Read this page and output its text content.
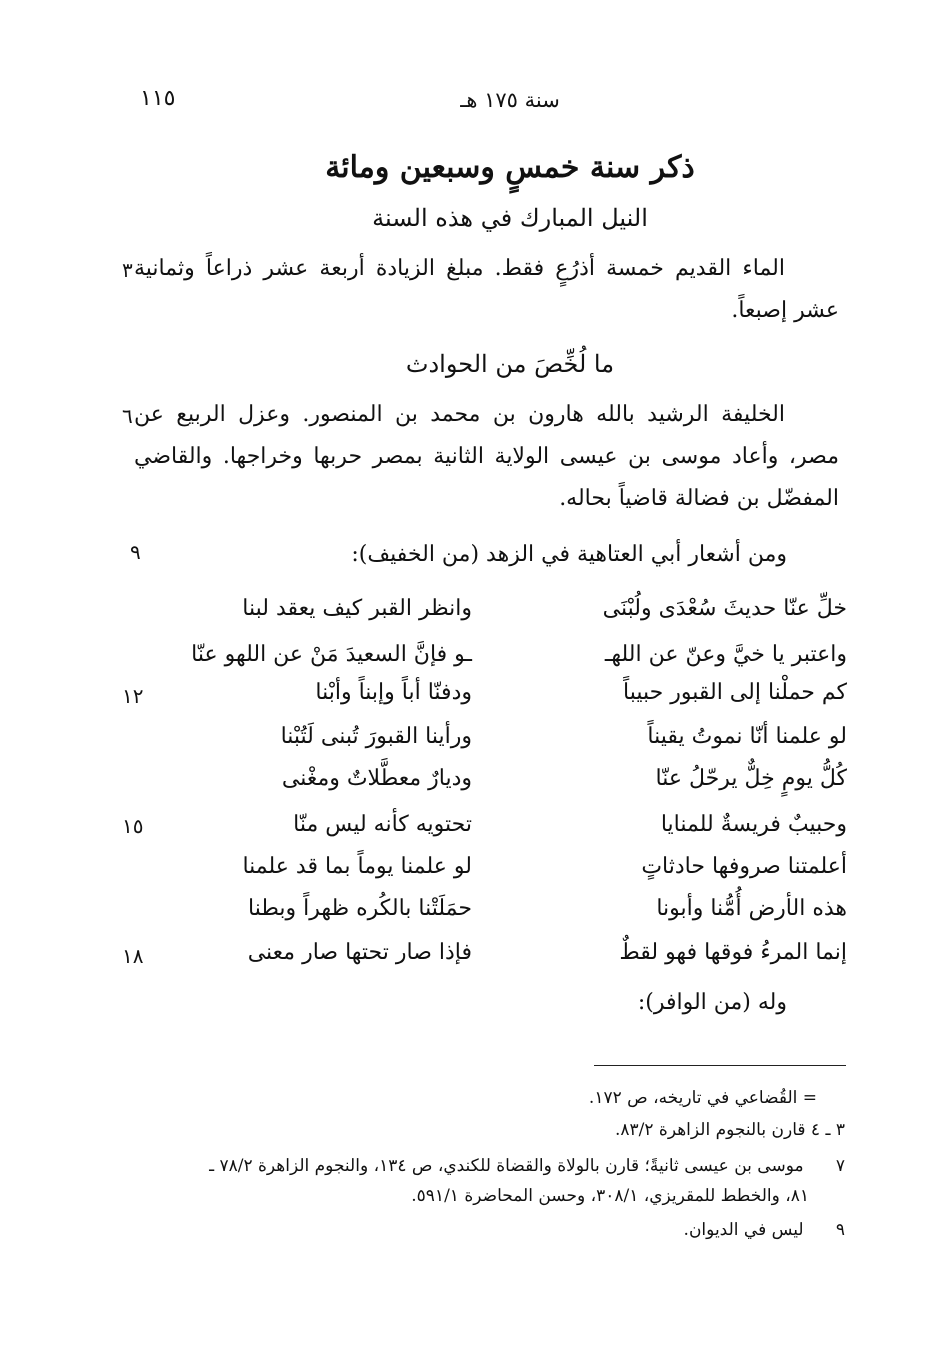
١١٥	سنة ١٧٥ هـ
ذكر سنة خمسٍ وسبعين ومائة
النيل المبارك في هذه السنة
الماء القديم خمسة أذرُعٍ فقط. مبلغ الزيادة أربعة عشر ذراعاً وثمانية
عشر إصبعاً.
٣
ما لُخِّصَ من الحوادث
الخليفة الرشيد بالله هارون بن محمد بن المنصور. وعزل الربيع عن
مصر، وأعاد موسى بن عيسى الولاية الثانية بمصر حربها وخراجها. والقاضي
المفضّل بن فضالة قاضياً بحاله.
٦
ومن أشعار أبي العتاهية في الزهد (من الخفيف):
٩
خلِّ عنّا حديثَ سُعْدَى ولُبْنَى
وانظر القبر كيف يعقد لبنا
واعتبر يا خيَّ وعنّ عن اللهـ
ـو فإنَّ السعيدَ مَنْ عن اللهو عنّا
كم حملْنا إلى القبور حبيباً
ودفنّا أباً وإبناً وأبْنا
١٢
لو علمنا أنّا نموتُ يقيناً
ورأينا القبورَ تُبنى لَتُبْنا
كُلُّ يومٍ خِلٌّ يرحّلُ عنّا
وديارٌ معطَّلاتٌ ومغْنى
وحبيبٌ فريسةٌ للمنايا
تحتويه كأنه ليس منّا
١٥
أعلمتنا صروفها حادثاتٍ
لو علمنا يوماً بما قد علمنا
هذه الأرض أُمُّنا وأبونا
حمَلَتْنا بالكُره ظهراً وبطنا
إنما المرءُ فوقها فهو لقطٌ
فإذا صار تحتها صار معنى
١٨
وله (من الوافر):
= القُضاعي في تاريخه، ص ١٧٢.
٣ ـ ٤ قارن بالنجوم الزاهرة ٨٣/٢.
٧ موسى بن عيسى ثانيةً؛ قارن بالولاة والقضاة للكندي، ص ١٣٤، والنجوم الزاهرة ٧٨/٢ ـ
٨١، والخطط للمقريزي، ٣٠٨/١، وحسن المحاضرة ٥٩١/١.
٩ ليس في الديوان.
